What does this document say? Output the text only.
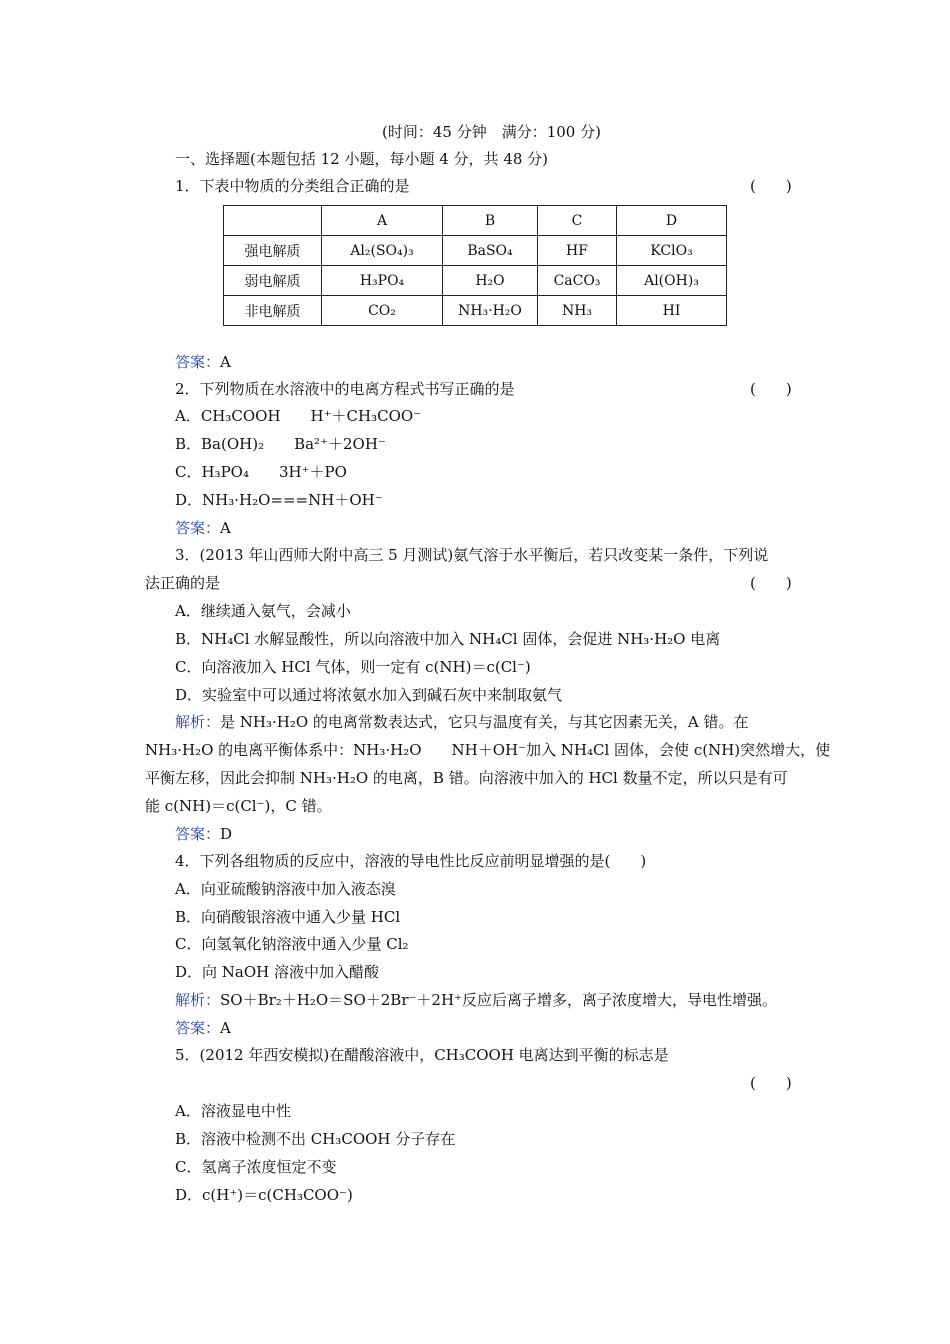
(时间：45 分钟　满分：100 分)
一、选择题(本题包括 12 小题，每小题 4 分，共 48 分)
1．下表中物质的分类组合正确的是	(　　)
	A	B	C	D
强电解质	Al₂(SO₄)₃	BaSO₄	HF	KClO₃
弱电解质	H₃PO₄	H₂O	CaCO₃	Al(OH)₃
非电解质	CO₂	NH₃·H₂O	NH₃	HI
答案：A
2．下列物质在水溶液中的电离方程式书写正确的是	(　　)
A．CH₃COOH　　H⁺＋CH₃COO⁻
B．Ba(OH)₂　　Ba²⁺＋2OH⁻
C．H₃PO₄　　3H⁺＋PO
D．NH₃·H₂O===NH＋OH⁻
答案：A
3．(2013 年山西师大附中高三 5 月测试)氨气溶于水平衡后，若只改变某一条件，下列说
法正确的是	(　　)
A．继续通入氨气，会减小
B．NH₄Cl 水解显酸性，所以向溶液中加入 NH₄Cl 固体，会促进 NH₃·H₂O 电离
C．向溶液加入 HCl 气体，则一定有 c(NH)＝c(Cl⁻)
D．实验室中可以通过将浓氨水加入到碱石灰中来制取氨气
解析：是 NH₃·H₂O 的电离常数表达式，它只与温度有关，与其它因素无关，A 错。在
NH₃·H₂O 的电离平衡体系中：NH₃·H₂O　　NH＋OH⁻加入 NH₄Cl 固体，会使 c(NH)突然增大，使
平衡左移，因此会抑制 NH₃·H₂O 的电离，B 错。向溶液中加入的 HCl 数量不定，所以只是有可
能 c(NH)＝c(Cl⁻)，C 错。
答案：D
4．下列各组物质的反应中，溶液的导电性比反应前明显增强的是(　　)
A．向亚硫酸钠溶液中加入液态溴
B．向硝酸银溶液中通入少量 HCl
C．向氢氧化钠溶液中通入少量 Cl₂
D．向 NaOH 溶液中加入醋酸
解析：SO＋Br₂＋H₂O＝SO＋2Br⁻＋2H⁺反应后离子增多，离子浓度增大，导电性增强。
答案：A
5．(2012 年西安模拟)在醋酸溶液中，CH₃COOH 电离达到平衡的标志是
(　　)
A．溶液显电中性
B．溶液中检测不出 CH₃COOH 分子存在
C．氢离子浓度恒定不变
D．c(H⁺)＝c(CH₃COO⁻)
